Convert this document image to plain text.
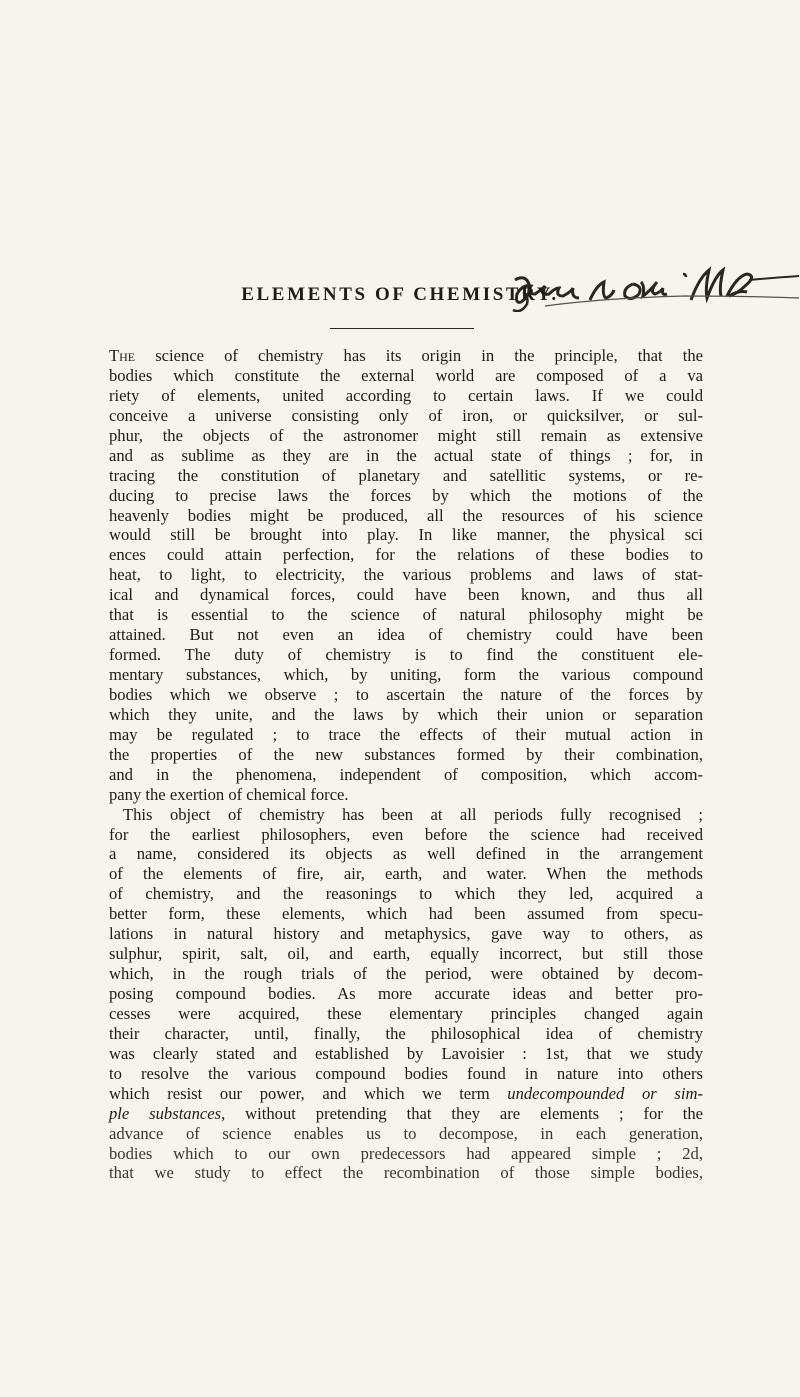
ELEMENTS OF CHEMISTRY.
The science of chemistry has its origin in the principle, that the
bodies which constitute the external world are composed of a va
riety of elements, united according to certain laws. If we could
conceive a universe consisting only of iron, or quicksilver, or sul-
phur, the objects of the astronomer might still remain as extensive
and as sublime as they are in the actual state of things ; for, in
tracing the constitution of planetary and satellitic systems, or re-
ducing to precise laws the forces by which the motions of the
heavenly bodies might be produced, all the resources of his science
would still be brought into play. In like manner, the physical sci
ences could attain perfection, for the relations of these bodies to
heat, to light, to electricity, the various problems and laws of stat-
ical and dynamical forces, could have been known, and thus all
that is essential to the science of natural philosophy might be
attained. But not even an idea of chemistry could have been
formed. The duty of chemistry is to find the constituent ele-
mentary substances, which, by uniting, form the various compound
bodies which we observe ; to ascertain the nature of the forces by
which they unite, and the laws by which their union or separation
may be regulated ; to trace the effects of their mutual action in
the properties of the new substances formed by their combination,
and in the phenomena, independent of composition, which accom-
pany the exertion of chemical force.
This object of chemistry has been at all periods fully recognised ;
for the earliest philosophers, even before the science had received
a name, considered its objects as well defined in the arrangement
of the elements of fire, air, earth, and water. When the methods
of chemistry, and the reasonings to which they led, acquired a
better form, these elements, which had been assumed from specu-
lations in natural history and metaphysics, gave way to others, as
sulphur, spirit, salt, oil, and earth, equally incorrect, but still those
which, in the rough trials of the period, were obtained by decom-
posing compound bodies. As more accurate ideas and better pro-
cesses were acquired, these elementary principles changed again
their character, until, finally, the philosophical idea of chemistry
was clearly stated and established by Lavoisier : 1st, that we study
to resolve the various compound bodies found in nature into others
which resist our power, and which we term undecompounded or sim-
ple substances, without pretending that they are elements ; for the
advance of science enables us to decompose, in each generation,
bodies which to our own predecessors had appeared simple ; 2d,
that we study to effect the recombination of those simple bodies,
